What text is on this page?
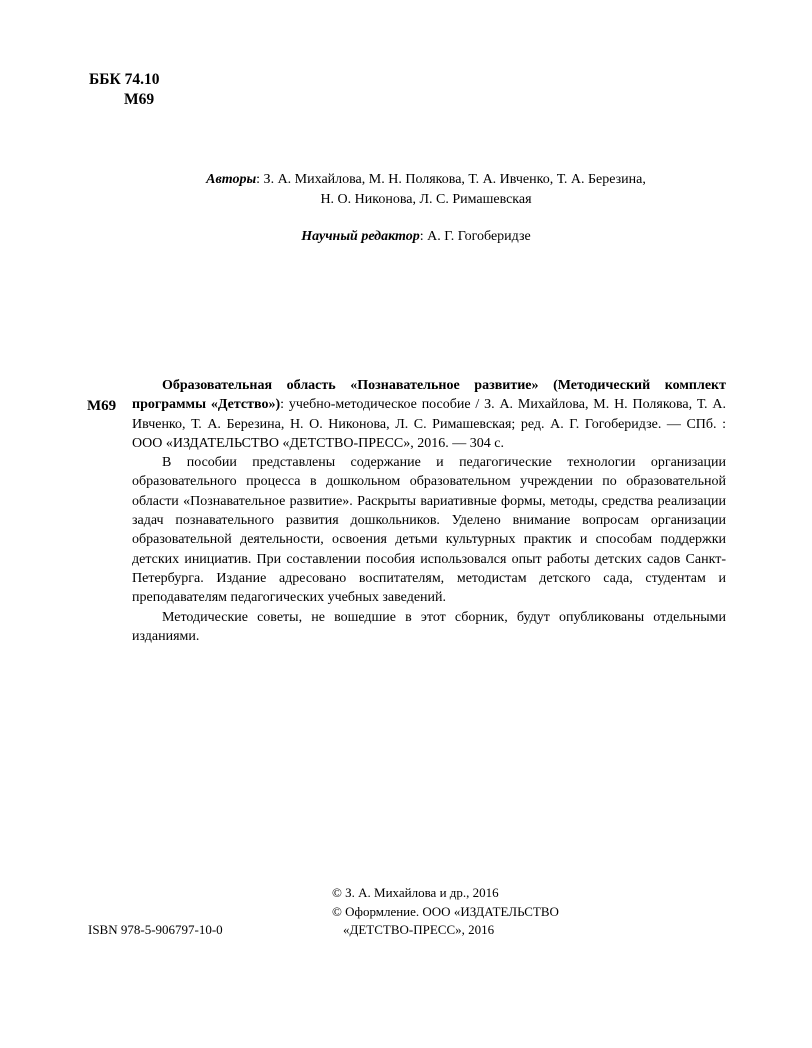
ББК 74.10
М69
Авторы: З. А. Михайлова, М. Н. Полякова, Т. А. Ивченко, Т. А. Березина,
Н. О. Никонова, Л. С. Римашевская
Научный редактор: А. Г. Гогоберидзе
М69

Образовательная область «Познавательное развитие» (Методический комплект программы «Детство»): учебно-методическое пособие / З. А. Михайлова, М. Н. Полякова, Т. А. Ивченко, Т. А. Березина, Н. О. Никонова, Л. С. Римашевская; ред. А. Г. Гогоберидзе. — СПб. : ООО «ИЗДАТЕЛЬСТВО «ДЕТСТВО-ПРЕСС», 2016. — 304 с.

В пособии представлены содержание и педагогические технологии организации образовательного процесса в дошкольном образовательном учреждении по образовательной области «Познавательное развитие». Раскрыты вариативные формы, методы, средства реализации задач познавательного развития дошкольников. Уделено внимание вопросам организации образовательной деятельности, освоения детьми культурных практик и способам поддержки детских инициатив. При составлении пособия использовался опыт работы детских садов Санкт-Петербурга. Издание адресовано воспитателям, методистам детского сада, студентам и преподавателям педагогических учебных заведений.

Методические советы, не вошедшие в этот сборник, будут опубликованы отдельными изданиями.

© З. А. Михайлова и др., 2016
© Оформление. ООО «ИЗДАТЕЛЬСТВО
«ДЕТСТВО-ПРЕСС», 2016
ISBN 978-5-906797-10-0
